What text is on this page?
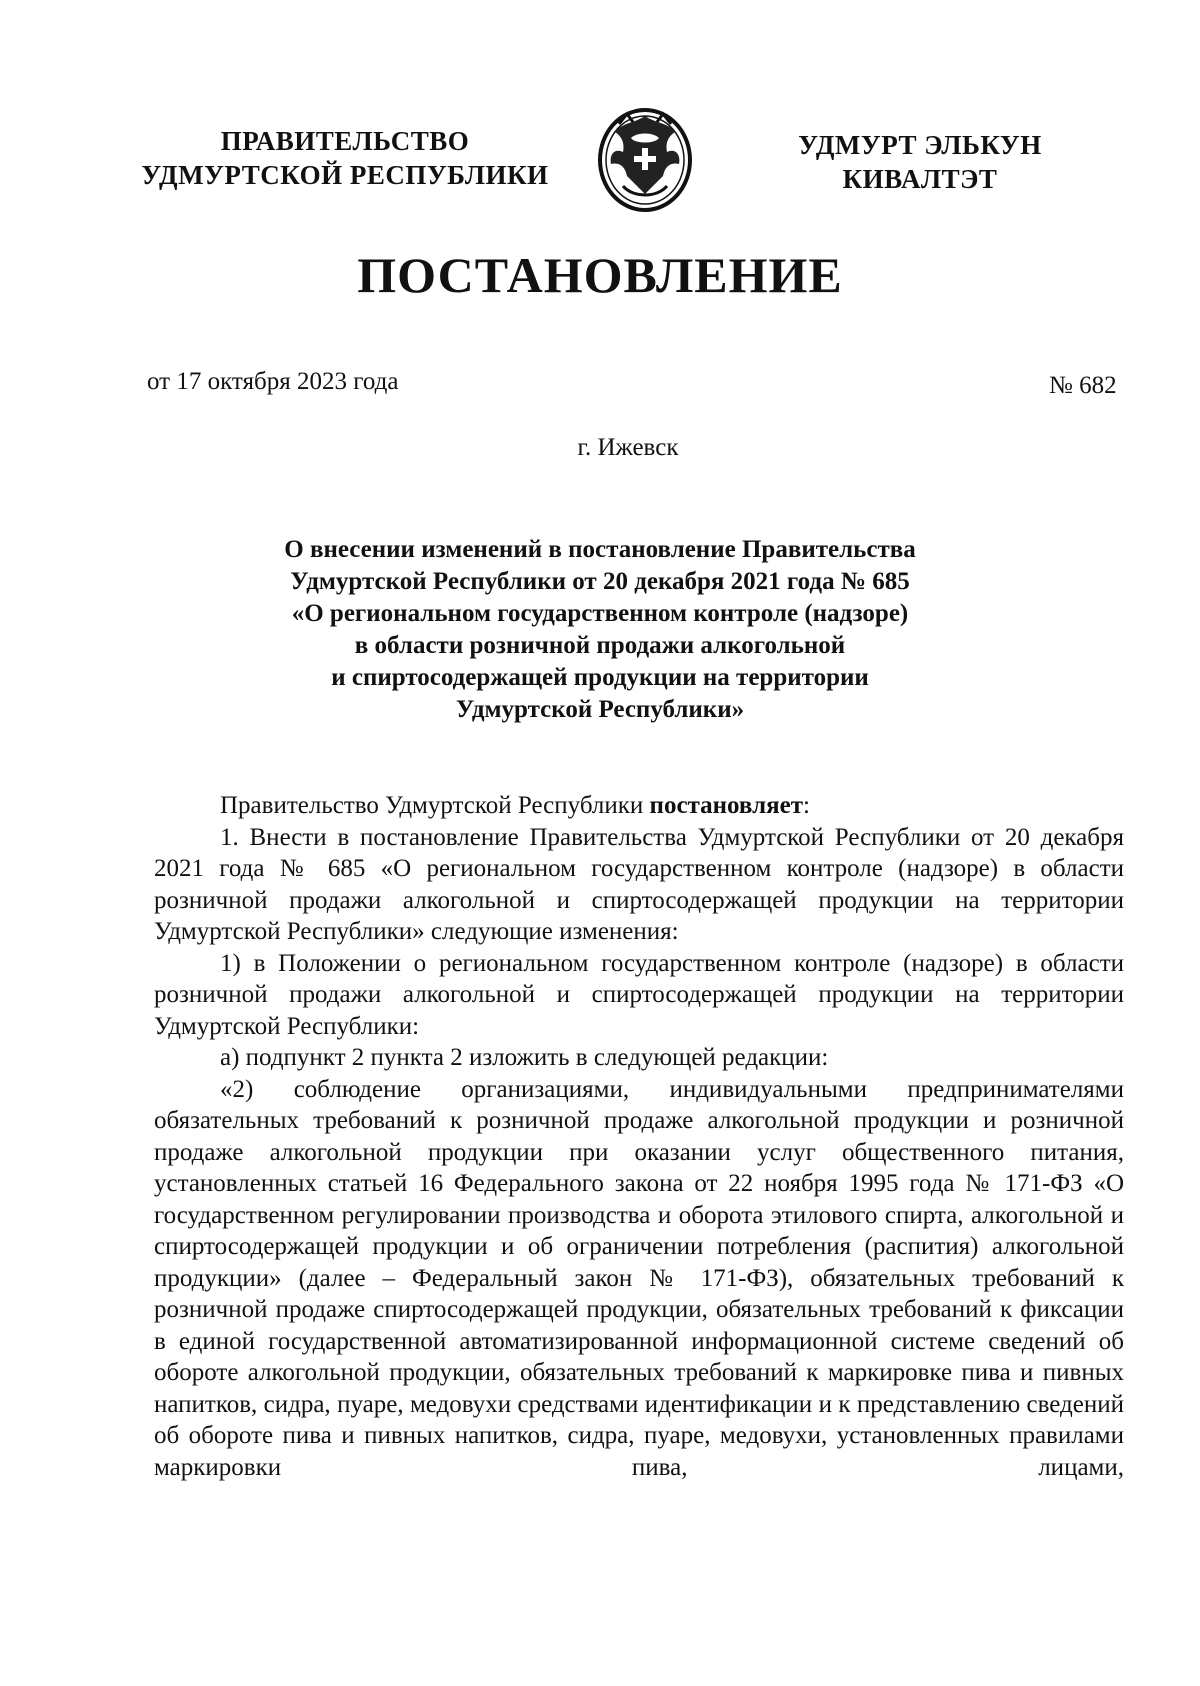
ПРАВИТЕЛЬСТВО
УДМУРТСКОЙ РЕСПУБЛИКИ
УДМУРТ ЭЛЬКУН
КИВАЛТЭТ
ПОСТАНОВЛЕНИЕ
от 17 октября 2023 года	№ 682
г. Ижевск
О внесении изменений в постановление Правительства
Удмуртской Республики от 20 декабря 2021 года № 685
«О региональном государственном контроле (надзоре)
в области розничной продажи алкогольной
и спиртосодержащей продукции на территории
Удмуртской Республики»

Правительство Удмуртской Республики постановляет:

1. Внести в постановление Правительства Удмуртской Республики от 20 декабря 2021 года № 685 «О региональном государственном контроле (надзоре) в области розничной продажи алкогольной и спиртосодержащей продукции на территории Удмуртской Республики» следующие изменения:

1) в Положении о региональном государственном контроле (надзоре) в области розничной продажи алкогольной и спиртосодержащей продукции на территории Удмуртской Республики:

а) подпункт 2 пункта 2 изложить в следующей редакции:

«2) соблюдение организациями, индивидуальными предпринимателями обязательных требований к розничной продаже алкогольной продукции и розничной продаже алкогольной продукции при оказании услуг общественного питания, установленных статьей 16 Федерального закона от 22 ноября 1995 года № 171-ФЗ «О государственном регулировании производства и оборота этилового спирта, алкогольной и спиртосодержащей продукции и об ограничении потребления (распития) алкогольной продукции» (далее – Федеральный закон № 171-ФЗ), обязательных требований к розничной продаже спиртосодержащей продукции, обязательных требований к фиксации в единой государственной автоматизированной информационной системе сведений об обороте алкогольной продукции, обязательных требований к маркировке пива и пивных напитков, сидра, пуаре, медовухи средствами идентификации и к представлению сведений об обороте пива и пивных напитков, сидра, пуаре, медовухи, установленных правилами маркировки пива, лицами,
